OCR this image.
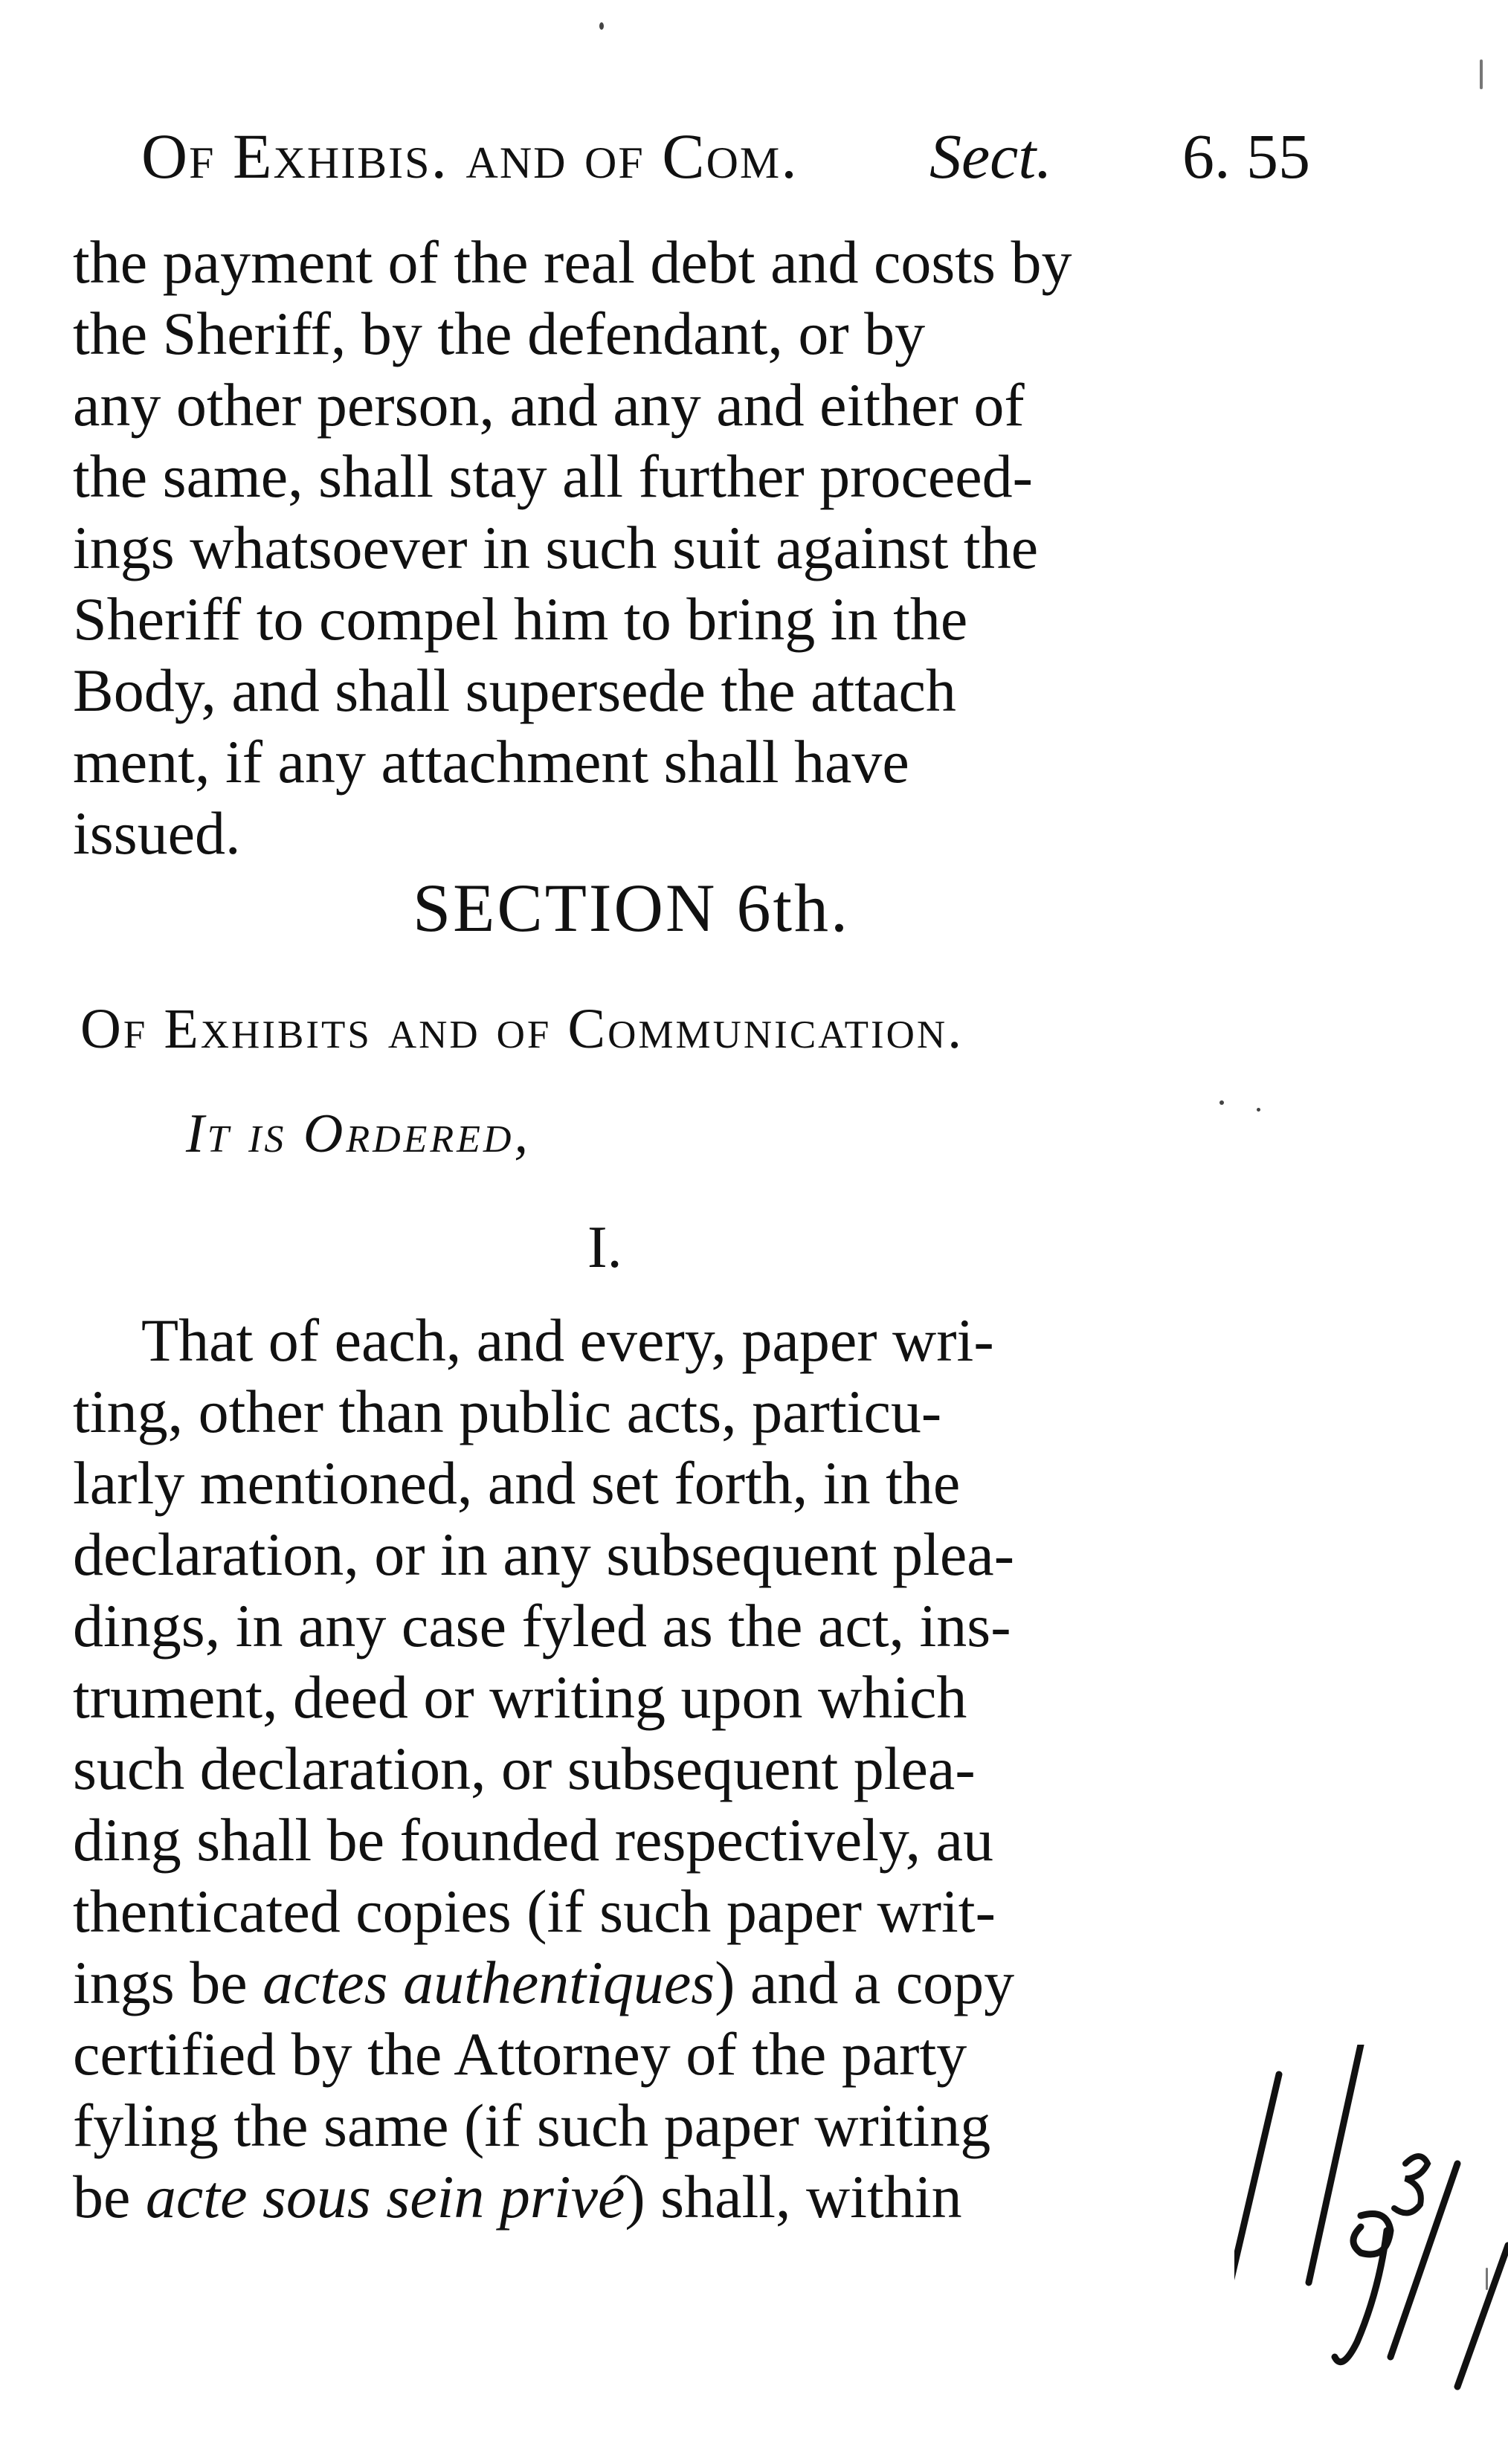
Of Exhibis. and of Com. Sect. 6. 55
the payment of the real debt and costs by
the Sheriff, by the defendant, or by
any other person, and any and either of
the same, shall stay all further proceed-
ings whatsoever in such suit against the
Sheriff to compel him to bring in the
Body, and shall supersede the attach
ment, if any attachment shall have
issued.
SECTION 6th.
Of Exhibits and of Communication.
It is Ordered,
I.
That of each, and every, paper wri-
ting, other than public acts, particu-
larly mentioned, and set forth, in the
declaration, or in any subsequent plea-
dings, in any case fyled as the act, ins-
trument, deed or writing upon which
such declaration, or subsequent plea-
ding shall be founded respectively, au
thenticated copies (if such paper writ-
ings be actes authentiques) and a copy
certified by the Attorney of the party
fyling the same (if such paper writing
be acte sous sein privé) shall, within
